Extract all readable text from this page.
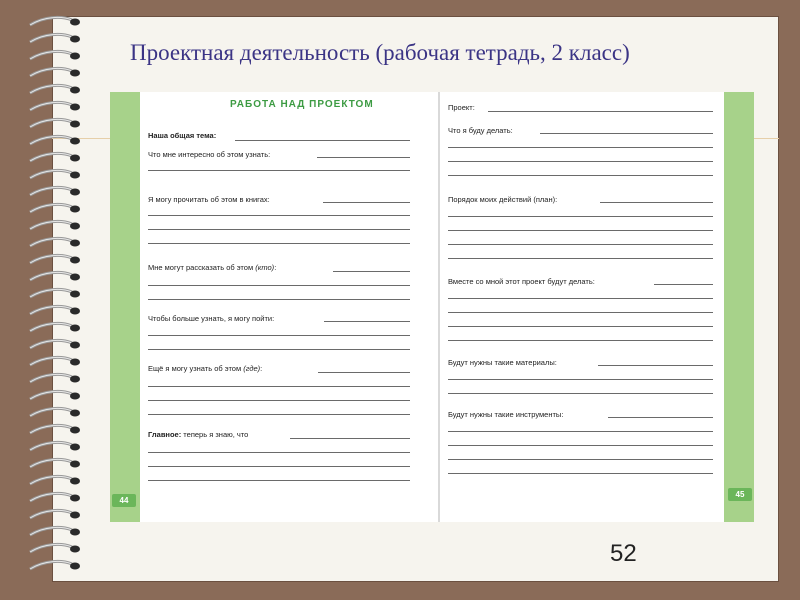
Проектная деятельность (рабочая тетрадь, 2 класс)
РАБОТА НАД ПРОЕКТОМ
Наша общая тема:
Что мне интересно об этом узнать:
Я могу прочитать об этом в книгах:
Мне могут рассказать об этом (кто):
Чтобы больше узнать, я могу пойти:
Ещё я могу узнать об этом (где):
Главное: теперь я знаю, что
Проект:
Что я буду делать:
Порядок моих действий (план):
Вместе со мной этот проект будут делать:
Будут нужны такие материалы:
Будут нужны такие инструменты:
44
45
52
